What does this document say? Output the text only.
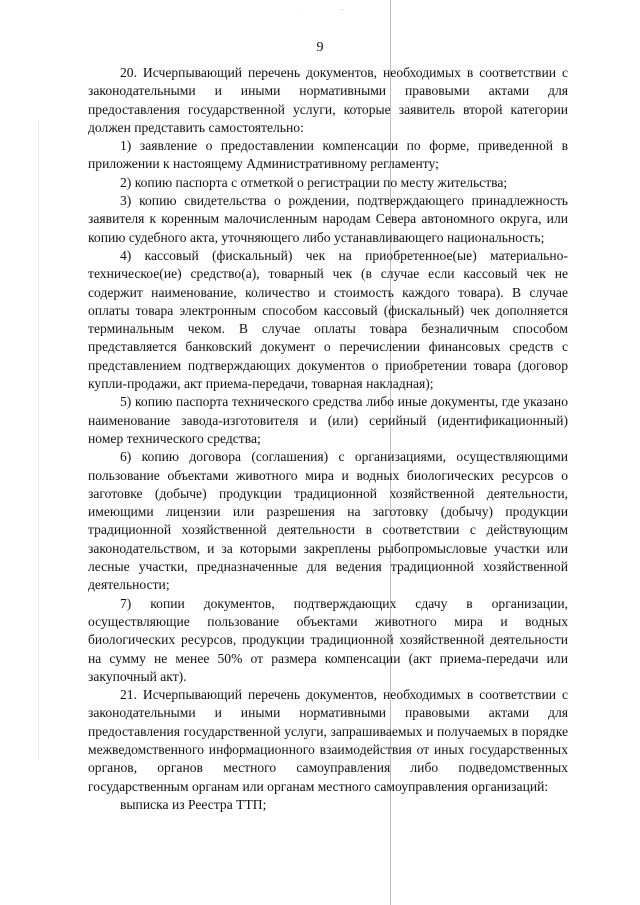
9

20. Исчерпывающий перечень документов, необходимых в соответствии с законодательными и иными нормативными правовыми актами для предоставления государственной услуги, которые заявитель второй категории должен представить самостоятельно:

1) заявление о предоставлении компенсации по форме, приведенной в приложении к настоящему Административному регламенту;

2) копию паспорта с отметкой о регистрации по месту жительства;

3) копию свидетельства о рождении, подтверждающего принадлежность заявителя к коренным малочисленным народам Севера автономного округа, или копию судебного акта, уточняющего либо устанавливающего национальность;

4) кассовый (фискальный) чек на приобретенное(ые) материально-техническое(ие) средство(а), товарный чек (в случае если кассовый чек не содержит наименование, количество и стоимость каждого товара). В случае оплаты товара электронным способом кассовый (фискальный) чек дополняется терминальным чеком. В случае оплаты товара безналичным способом представляется банковский документ о перечислении финансовых средств с представлением подтверждающих документов о приобретении товара (договор купли-продажи, акт приема-передачи, товарная накладная);

5) копию паспорта технического средства либо иные документы, где указано наименование завода-изготовителя и (или) серийный (идентификационный) номер технического средства;

6) копию договора (соглашения) с организациями, осуществляющими пользование объектами животного мира и водных биологических ресурсов о заготовке (добыче) продукции традиционной хозяйственной деятельности, имеющими лицензии или разрешения на заготовку (добычу) продукции традиционной хозяйственной деятельности в соответствии с действующим законодательством, и за которыми закреплены рыбопромысловые участки или лесные участки, предназначенные для ведения традиционной хозяйственной деятельности;

7) копии документов, подтверждающих сдачу в организации, осуществляющие пользование объектами животного мира и водных биологических ресурсов, продукции традиционной хозяйственной деятельности на сумму не менее 50% от размера компенсации (акт приема-передачи или закупочный акт).

21. Исчерпывающий перечень документов, необходимых в соответствии с законодательными и иными нормативными правовыми актами для предоставления государственной услуги, запрашиваемых и получаемых в порядке межведомственного информационного взаимодействия от иных государственных органов, органов местного самоуправления либо подведомственных государственным органам или органам местного самоуправления организаций:

выписка из Реестра ТТП;
